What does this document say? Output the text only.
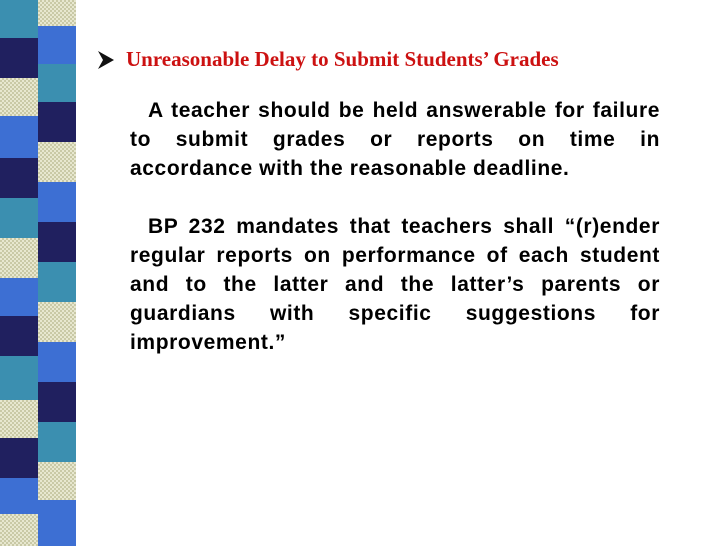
Unreasonable Delay to Submit Students’ Grades

A teacher should be held answerable for failure to submit grades or reports on time in accordance with the reasonable deadline.

BP 232 mandates that teachers shall “(r)ender regular reports on performance of each student and to the latter and the latter’s parents or guardians with specific suggestions for improvement.”
